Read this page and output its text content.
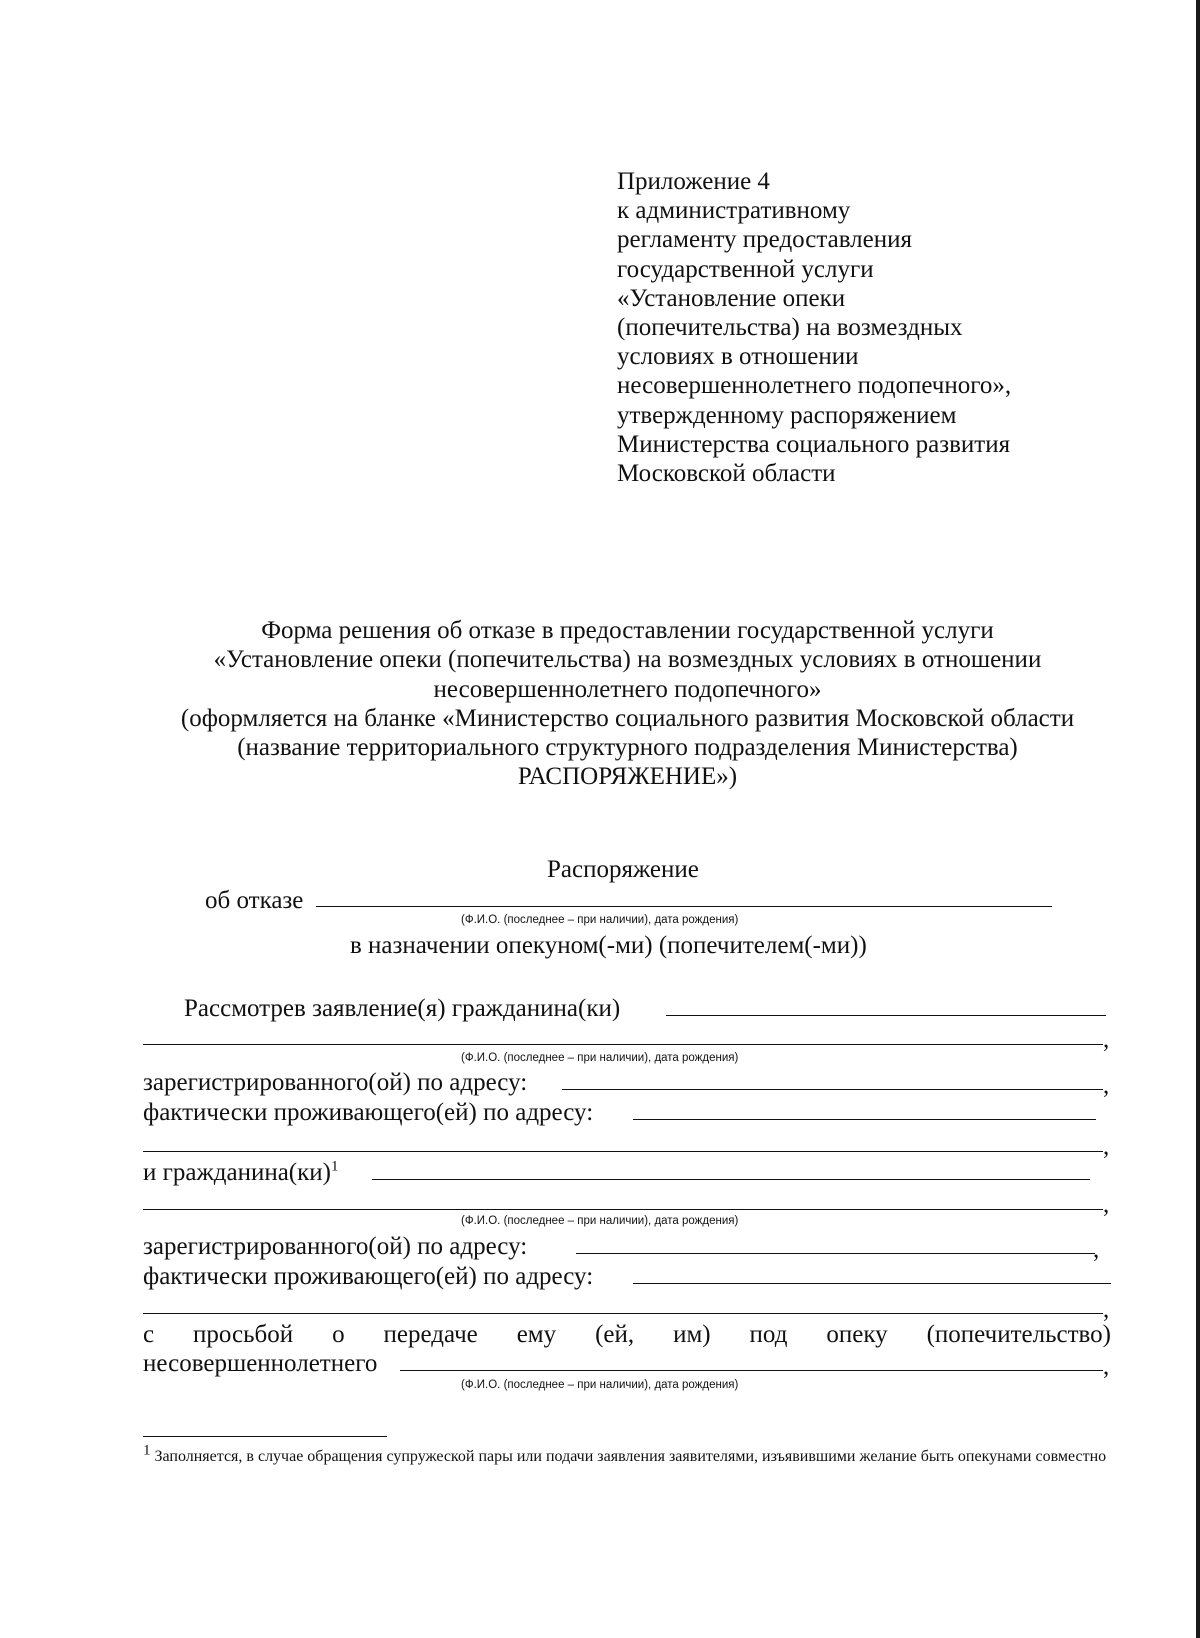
Приложение 4
к административному
регламенту предоставления
государственной услуги
«Установление опеки
(попечительства) на возмездных
условиях в отношении
несовершеннолетнего подопечного»,
утвержденному распоряжением
Министерства социального развития
Московской области
Форма решения об отказе в предоставлении государственной услуги
«Установление опеки (попечительства) на возмездных условиях в отношении
несовершеннолетнего подопечного»
(оформляется на бланке «Министерство социального развития Московской области
(название территориального структурного подразделения Министерства)
РАСПОРЯЖЕНИЕ»)
Распоряжение
об отказе
(Ф.И.О. (последнее – при наличии), дата рождения)
в назначении опекуном(-ми) (попечителем(-ми))
Рассмотрев заявление(я) гражданина(ки)
,
(Ф.И.О. (последнее – при наличии), дата рождения)
зарегистрированного(ой) по адресу:	,
фактически проживающего(ей) по адресу:
,
и гражданина(ки)$^1$
,
(Ф.И.О. (последнее – при наличии), дата рождения)
зарегистрированного(ой) по адресу:	,
фактически проживающего(ей) по адресу:
,
с просьбой о передаче ему (ей, им) под опеку (попечительство)
несовершеннолетнего	,
(Ф.И.О. (последнее – при наличии), дата рождения)
$^1$ Заполняется, в случае обращения супружеской пары или подачи заявления заявителями, изъявившими желание быть опекунами совместно
